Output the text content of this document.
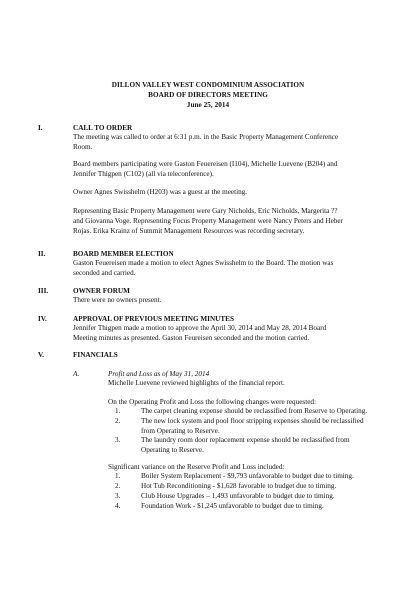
DILLON VALLEY WEST CONDOMINIUM ASSOCIATION
BOARD OF DIRECTORS MEETING
June 25, 2014
I.	CALL TO ORDER
The meeting was called to order at 6:31 p.m. in the Basic Property Management Conference
Room.
Board members participating were Gaston Feuereisen (I104), Michelle Luevene (B204) and
Jennifer Thigpen (C102) (all via teleconference).
Owner Agnes Swisshelm (H203) was a guest at the meeting.
Representing Basic Property Management were Gary Nicholds, Eric Nicholds, Margerita ??
and Giovanna Voge. Representing Focus Property Management were Nancy Peters and Heber
Rojas. Erika Krainz of Summit Management Resources was recording secretary.
II.	BOARD MEMBER ELECTION
Gaston Feuereisen made a motion to elect Agnes Swisshelm to the Board. The motion was
seconded and carried.
III.	OWNER FORUM
There were no owners present.
IV.	APPROVAL OF PREVIOUS MEETING MINUTES
Jennifer Thigpen made a motion to approve the April 30, 2014 and May 28, 2014 Board
Meeting minutes as presented. Gaston Feureisen seconded and the motion carried.
V.	FINANCIALS
A.	Profit and Loss as of May 31, 2014
Michelle Luevene reviewed highlights of the financial report.
On the Operating Profit and Loss the following changes were requested:
1.	The carpet cleaning expense should be reclassified from Reserve to Operating.
2.	The new lock system and pool floor stripping expenses should be reclassified
from Operating to Reserve.
3.	The laundry room door replacement expense should be reclassified from
Operating to Reserve.
Significant variance on the Reserve Profit and Loss included:
1.	Boiler System Replacement - $9,793 unfavorable to budget due to timing.
2.	Hot Tub Reconditioning - $1,628 favorable to budget due to timing.
3.	Club House Upgrades – 1,493 unfavorable to budget due to timing.
4.	Foundation Work - $1,245 unfavorable to budget due to timing.
